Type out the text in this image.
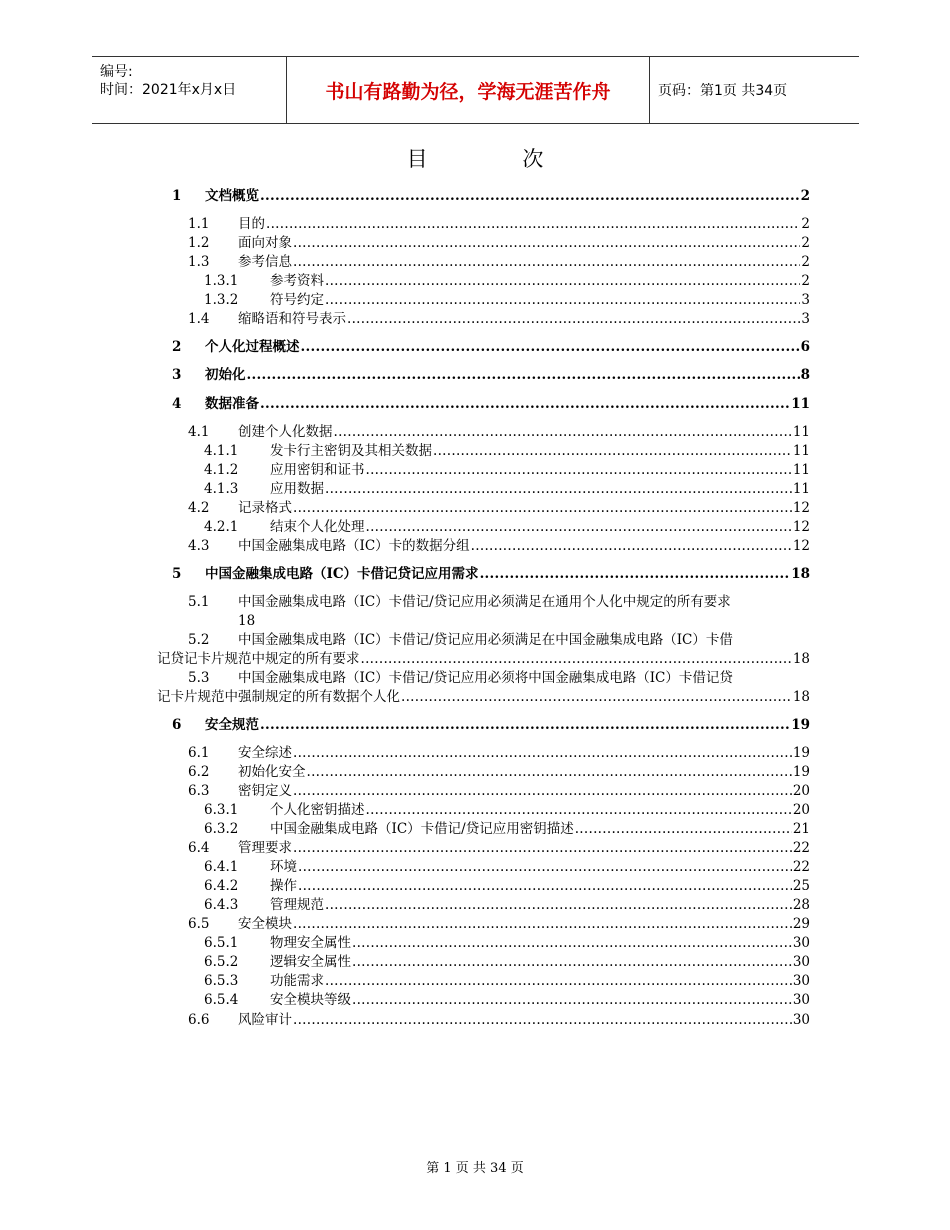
编号:
时间：2021年x月x日	书山有路勤为径，学海无涯苦作舟	页码：第1页 共34页
目 次
1 文档概览 .....	2
1.1 目的 .....	2
1.2 面向对象 .....	2
1.3 参考信息 .....	2
1.3.1 参考资料 .....	2
1.3.2 符号约定 .....	3
1.4 缩略语和符号表示 .....	3
2 个人化过程概述 .....	6
3 初始化 .....	8
4 数据准备 .....	11
4.1 创建个人化数据 .....	11
4.1.1 发卡行主密钥及其相关数据 .....	11
4.1.2 应用密钥和证书 .....	11
4.1.3 应用数据 .....	11
4.2 记录格式 .....	12
4.2.1 结束个人化处理 .....	12
4.3 中国金融集成电路（IC）卡的数据分组 .....	12
5 中国金融集成电路（IC）卡借记贷记应用需求 .....	18
5.1 中国金融集成电路（IC）卡借记/贷记应用必须满足在通用个人化中规定的所有要求
18
5.2 中国金融集成电路（IC）卡借记/贷记应用必须满足在中国金融集成电路（IC）卡借
记贷记卡片规范中规定的所有要求 .....	18
5.3 中国金融集成电路（IC）卡借记/贷记应用必须将中国金融集成电路（IC）卡借记贷
记卡片规范中强制规定的所有数据个人化 .....	18
6 安全规范 .....	19
6.1 安全综述 .....	19
6.2 初始化安全 .....	19
6.3 密钥定义 .....	20
6.3.1 个人化密钥描述 .....	20
6.3.2 中国金融集成电路（IC）卡借记/贷记应用密钥描述 .....	21
6.4 管理要求 .....	22
6.4.1 环境 .....	22
6.4.2 操作 .....	25
6.4.3 管理规范 .....	28
6.5 安全模块 .....	29
6.5.1 物理安全属性 .....	30
6.5.2 逻辑安全属性 .....	30
6.5.3 功能需求 .....	30
6.5.4 安全模块等级 .....	30
6.6 风险审计 .....	30
第 1 页 共 34 页
